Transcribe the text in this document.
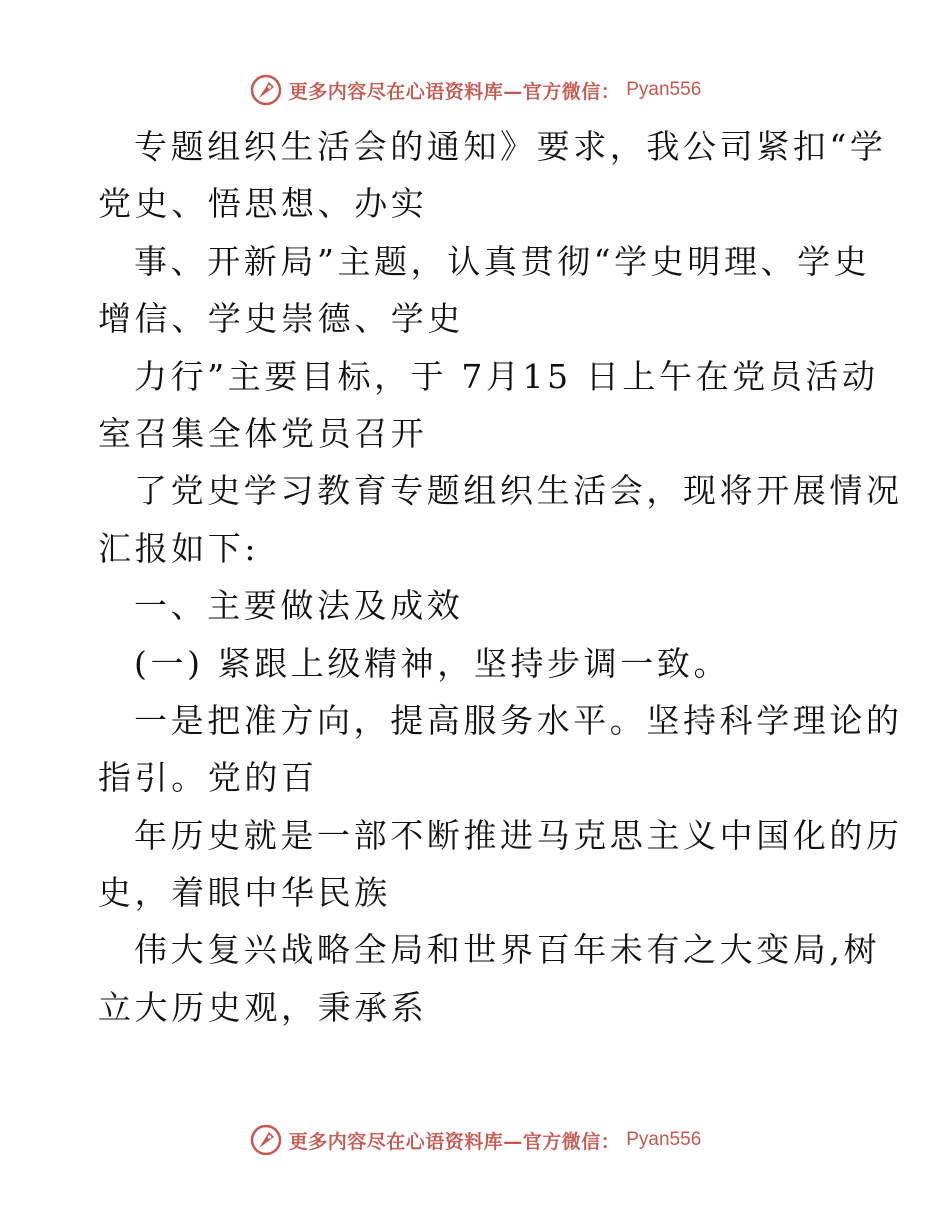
更多内容尽在心语资料库—官方微信： Pyan556
专题组织生活会的通知》要求，我公司紧扣“学
党史、悟思想、办实
事、开新局”主题，认真贯彻“学史明理、学史
增信、学史崇德、学史
力行”主要目标，于 7月15 日上午在党员活动
室召集全体党员召开
了党史学习教育专题组织生活会，现将开展情况
汇报如下:
一、主要做法及成效
(一) 紧跟上级精神，坚持步调一致。
一是把准方向，提高服务水平。坚持科学理论的
指引。党的百
年历史就是一部不断推进马克思主义中国化的历
史，着眼中华民族
伟大复兴战略全局和世界百年未有之大变局,树
立大历史观，秉承系
更多内容尽在心语资料库—官方微信： Pyan556
